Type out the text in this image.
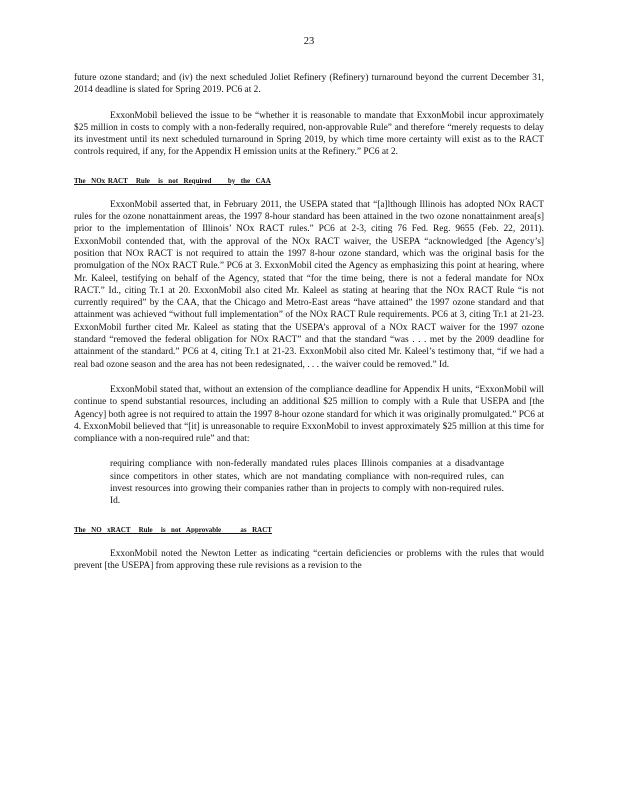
23

future ozone standard; and (iv) the next scheduled Joliet Refinery (Refinery) turnaround beyond the current December 31, 2014 deadline is slated for Spring 2019. PC6 at 2.

ExxonMobil believed the issue to be “whether it is reasonable to mandate that ExxonMobil incur approximately $25 million in costs to comply with a non-federally required, non-approvable Rule” and therefore “merely requests to delay its investment until its next scheduled turnaround in Spring 2019, by which time more certainty will exist as to the RACT controls required, if any, for the Appendix H emission units at the Refinery.” PC6 at 2.

The  NOx RACT   Rule   is  not  Required      by  the  CAA

ExxonMobil asserted that, in February 2011, the USEPA stated that “[a]lthough Illinois has adopted NOx RACT rules for the ozone nonattainment areas, the 1997 8-hour standard has been attained in the two ozone nonattainment area[s] prior to the implementation of Illinois’ NOx RACT rules.” PC6 at 2-3, citing 76 Fed. Reg. 9655 (Feb. 22, 2011). ExxonMobil contended that, with the approval of the NOx RACT waiver, the USEPA “acknowledged [the Agency’s] position that NOx RACT is not required to attain the 1997 8-hour ozone standard, which was the original basis for the promulgation of the NOx RACT Rule.” PC6 at 3. ExxonMobil cited the Agency as emphasizing this point at hearing, where Mr. Kaleel, testifying on behalf of the Agency, stated that “for the time being, there is not a federal mandate for NOx RACT.” Id., citing Tr.1 at 20. ExxonMobil also cited Mr. Kaleel as stating at hearing that the NOx RACT Rule “is not currently required” by the CAA, that the Chicago and Metro-East areas “have attained” the 1997 ozone standard and that attainment was achieved “without full implementation” of the NOx RACT Rule requirements. PC6 at 3, citing Tr.1 at 21-23. ExxonMobil further cited Mr. Kaleel as stating that the USEPA’s approval of a NOx RACT waiver for the 1997 ozone standard “removed the federal obligation for NOx RACT” and that the standard “was . . . met by the 2009 deadline for attainment of the standard.” PC6 at 4, citing Tr.1 at 21-23. ExxonMobil also cited Mr. Kaleel’s testimony that, “if we had a real bad ozone season and the area has not been redesignated, . . . the waiver could be removed.” Id.

ExxonMobil stated that, without an extension of the compliance deadline for Appendix H units, “ExxonMobil will continue to spend substantial resources, including an additional $25 million to comply with a Rule that USEPA and [the Agency] both agree is not required to attain the 1997 8-hour ozone standard for which it was originally promulgated.” PC6 at 4. ExxonMobil believed that “[it] is unreasonable to require ExxonMobil to invest approximately $25 million at this time for compliance with a non-required rule” and that:

requiring compliance with non-federally mandated rules places Illinois companies at a disadvantage since competitors in other states, which are not mandating compliance with non-required rules, can invest resources into growing their companies rather than in projects to comply with non-required rules. Id.

The  NO  xRACT   Rule   is  not  Approvable       as  RACT

ExxonMobil noted the Newton Letter as indicating “certain deficiencies or problems with the rules that would prevent [the USEPA] from approving these rule revisions as a revision to the
